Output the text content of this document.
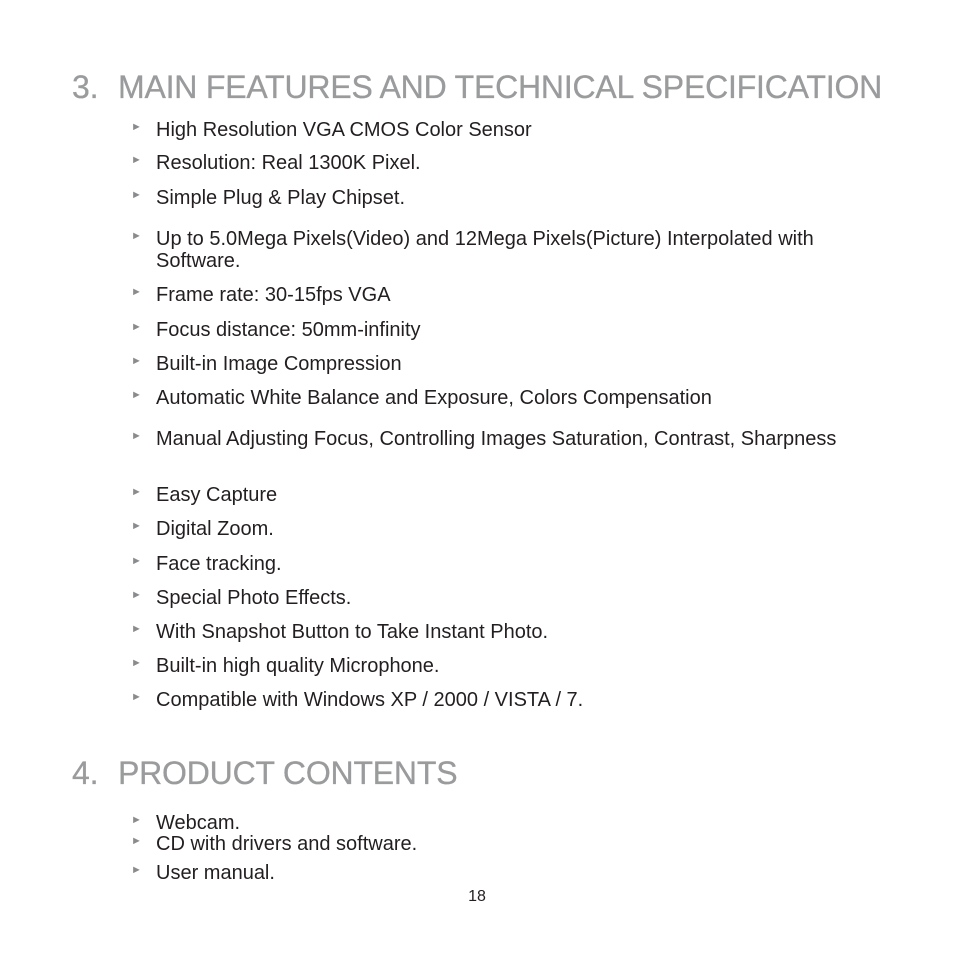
3. MAIN FEATURES AND TECHNICAL SPECIFICATION
► High Resolution VGA CMOS Color Sensor
► Resolution: Real 1300K Pixel.
► Simple Plug & Play Chipset.
► Up to 5.0Mega Pixels(Video) and 12Mega Pixels(Picture) Interpolated with Software.
► Frame rate: 30-15fps VGA
► Focus distance: 50mm-infinity
► Built-in Image Compression
► Automatic White Balance and Exposure, Colors Compensation
► Manual Adjusting Focus, Controlling Images Saturation, Contrast, Sharpness
► Easy Capture
► Digital Zoom.
► Face tracking.
► Special Photo Effects.
► With Snapshot Button to Take Instant Photo.
► Built-in high quality Microphone.
► Compatible with Windows XP / 2000 / VISTA / 7.
4. PRODUCT CONTENTS
► Webcam.
► CD with drivers and software.
► User manual.
18
